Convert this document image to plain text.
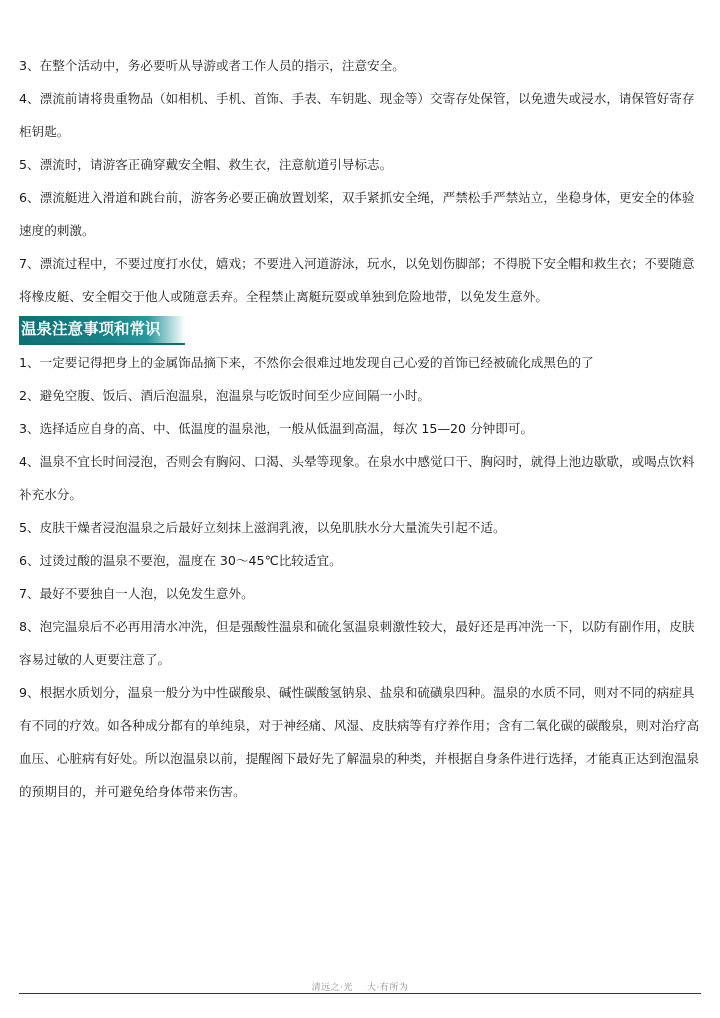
3、在整个活动中，务必要听从导游或者工作人员的指示，注意安全。

4、漂流前请将贵重物品（如相机、手机、首饰、手表、车钥匙、现金等）交寄存处保管，以免遗失或浸水，请保管好寄存柜钥匙。

5、漂流时，请游客正确穿戴安全帽、救生衣，注意航道引导标志。

6、漂流艇进入滑道和跳台前，游客务必要正确放置划桨，双手紧抓安全绳，严禁松手严禁站立，坐稳身体，更安全的体验速度的刺激。

7、漂流过程中，不要过度打水仗，嬉戏；不要进入河道游泳，玩水，以免划伤脚部；不得脱下安全帽和救生衣；不要随意将橡皮艇、安全帽交于他人或随意丢弃。全程禁止离艇玩耍或单独到危险地带，以免发生意外。

温泉注意事项和常识

1、一定要记得把身上的金属饰品摘下来，不然你会很难过地发现自己心爱的首饰已经被硫化成黑色的了

2、避免空腹、饭后、酒后泡温泉，泡温泉与吃饭时间至少应间隔一小时。

3、选择适应自身的高、中、低温度的温泉池，一般从低温到高温，每次 15—20 分钟即可。

4、温泉不宜长时间浸泡，否则会有胸闷、口渴、头晕等现象。在泉水中感觉口干、胸闷时，就得上池边歇歇，或喝点饮料补充水分。

5、皮肤干燥者浸泡温泉之后最好立刻抹上滋润乳液，以免肌肤水分大量流失引起不适。

6、过烫过酸的温泉不要泡，温度在 30～45℃比较适宜。

7、最好不要独自一人泡，以免发生意外。

8、泡完温泉后不必再用清水冲洗，但是强酸性温泉和硫化氢温泉刺激性较大，最好还是再冲洗一下，以防有副作用，皮肤容易过敏的人更要注意了。

9、根据水质划分，温泉一般分为中性碳酸泉、碱性碳酸氢钠泉、盐泉和硫磺泉四种。温泉的水质不同，则对不同的病症具有不同的疗效。如各种成分都有的单纯泉，对于神经痛、风湿、皮肤病等有疗养作用；含有二氧化碳的碳酸泉，则对治疗高血压、心脏病有好处。所以泡温泉以前，提醒阁下最好先了解温泉的种类，并根据自身条件进行选择，才能真正达到泡温泉的预期目的，并可避免给身体带来伤害。

清远之·光 大·有所为
